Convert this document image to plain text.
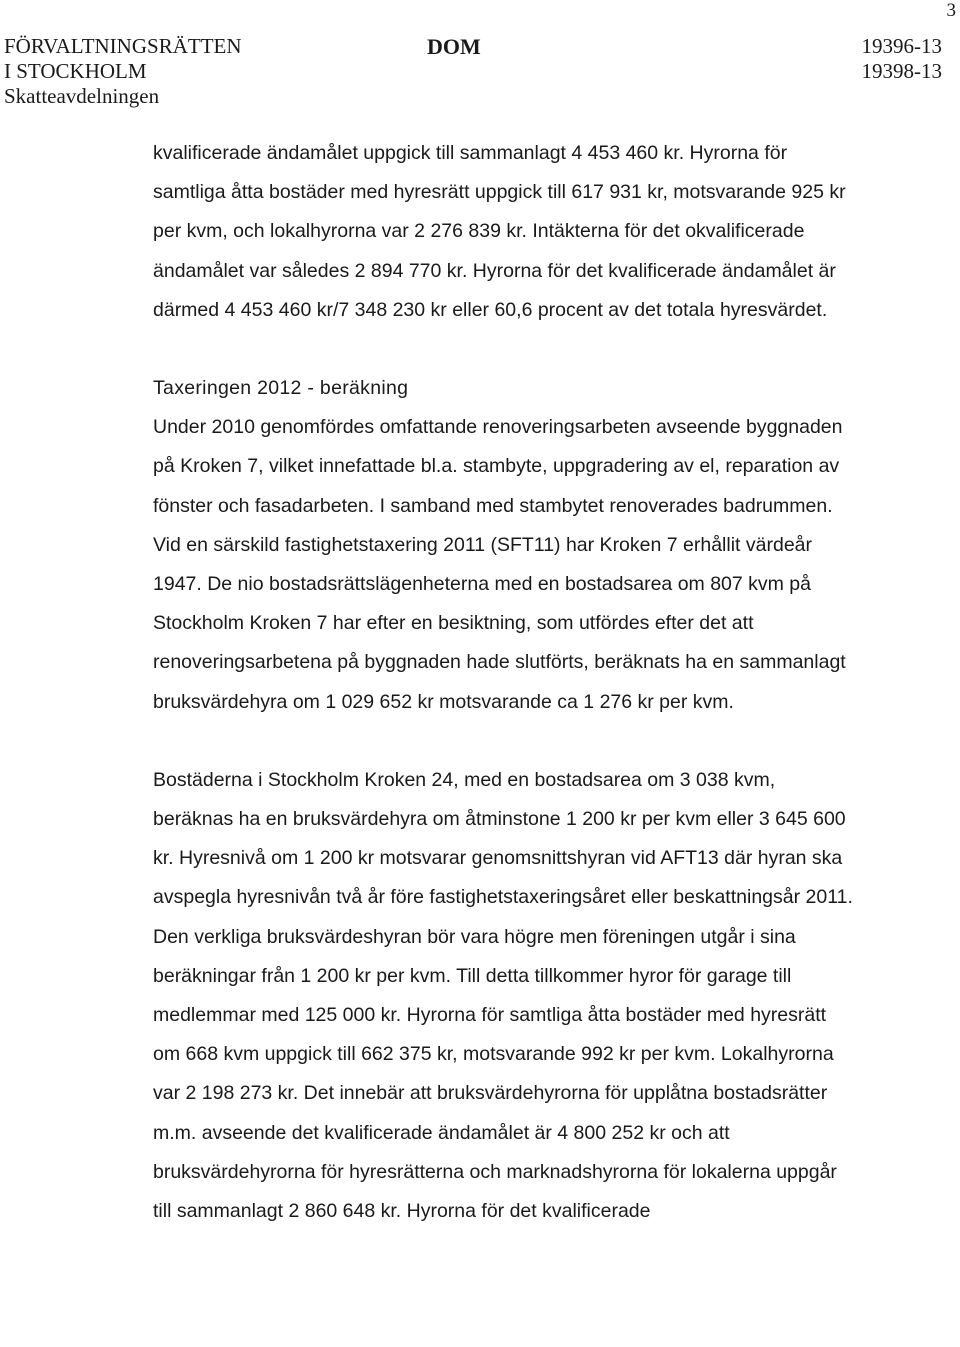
3
FÖRVALTNINGSRÄTTEN
I STOCKHOLM
Skatteavdelningen
DOM	19396-13
19398-13

kvalificerade ändamålet uppgick till sammanlagt 4 453 460 kr. Hyrorna för samtliga åtta bostäder med hyresrätt uppgick till 617 931 kr, motsvarande 925 kr per kvm, och lokalhyrorna var 2 276 839 kr. Intäkterna för det okvalificerade ändamålet var således 2 894 770 kr. Hyrorna för det kvalificerade ändamålet är därmed 4 453 460 kr/7 348 230 kr eller 60,6 procent av det totala hyresvärdet.

Taxeringen 2012 - beräkning

Under 2010 genomfördes omfattande renoveringsarbeten avseende byggnaden på Kroken 7, vilket innefattade bl.a. stambyte, uppgradering av el, reparation av fönster och fasadarbeten. I samband med stambytet renoverades badrummen. Vid en särskild fastighetstaxering 2011 (SFT11) har Kroken 7 erhållit värdeår 1947. De nio bostadsrättslägenheterna med en bostadsarea om 807 kvm på Stockholm Kroken 7 har efter en besiktning, som utfördes efter det att renoveringsarbetena på byggnaden hade slutförts, beräknats ha en sammanlagt bruksvärdehyra om 1 029 652 kr motsvarande ca 1 276 kr per kvm.

Bostäderna i Stockholm Kroken 24, med en bostadsarea om 3 038 kvm, beräknas ha en bruksvärdehyra om åtminstone 1 200 kr per kvm eller 3 645 600 kr. Hyresnivå om 1 200 kr motsvarar genomsnittshyran vid AFT13 där hyran ska avspegla hyresnivån två år före fastighetstaxeringsåret eller beskattningsår 2011. Den verkliga bruksvärdeshyran bör vara högre men föreningen utgår i sina beräkningar från 1 200 kr per kvm. Till detta tillkommer hyror för garage till medlemmar med 125 000 kr. Hyrorna för samtliga åtta bostäder med hyresrätt om 668 kvm uppgick till 662 375 kr, motsvarande 992 kr per kvm. Lokalhyrorna var 2 198 273 kr. Det innebär att bruksvärdehyrorna för upplåtna bostadsrätter m.m. avseende det kvalificerade ändamålet är 4 800 252 kr och att bruksvärdehyrorna för hyresrätterna och marknadshyrorna för lokalerna uppgår till sammanlagt 2 860 648 kr. Hyrorna för det kvalificerade
